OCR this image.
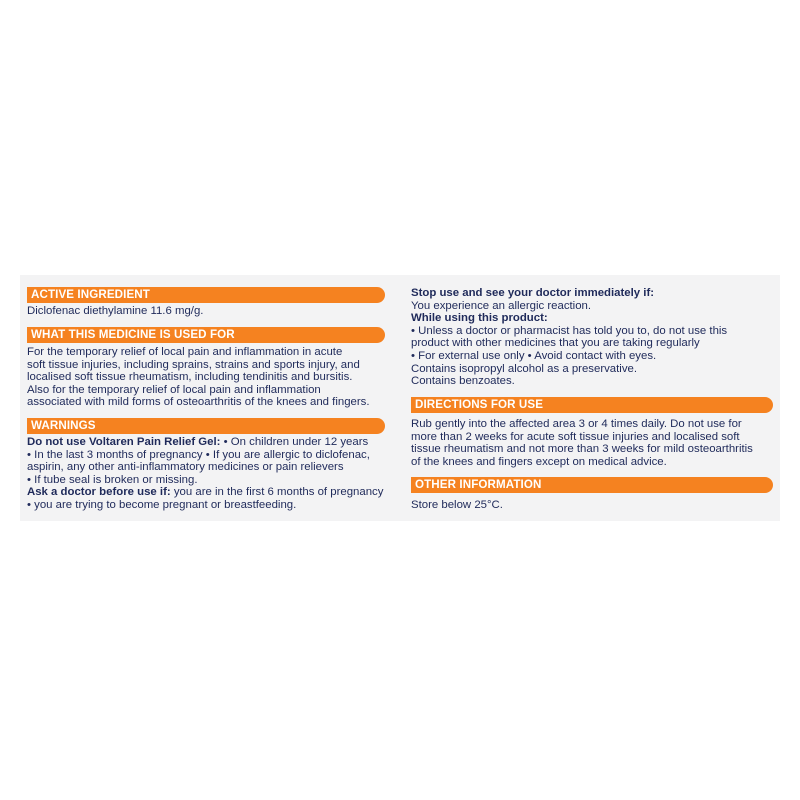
ACTIVE INGREDIENT
Diclofenac diethylamine 11.6 mg/g.
WHAT THIS MEDICINE IS USED FOR
For the temporary relief of local pain and inflammation in acute
soft tissue injuries, including sprains, strains and sports injury, and
localised soft tissue rheumatism, including tendinitis and bursitis.
Also for the temporary relief of local pain and inflammation
associated with mild forms of osteoarthritis of the knees and fingers.
WARNINGS
Do not use Voltaren Pain Relief Gel: • On children under 12 years
• In the last 3 months of pregnancy • If you are allergic to diclofenac,
aspirin, any other anti-inflammatory medicines or pain relievers
• If tube seal is broken or missing.
Ask a doctor before use if: you are in the first 6 months of pregnancy
• you are trying to become pregnant or breastfeeding.
Stop use and see your doctor immediately if:
You experience an allergic reaction.
While using this product:
• Unless a doctor or pharmacist has told you to, do not use this
product with other medicines that you are taking regularly
• For external use only • Avoid contact with eyes.
Contains isopropyl alcohol as a preservative.
Contains benzoates.
DIRECTIONS FOR USE
Rub gently into the affected area 3 or 4 times daily. Do not use for
more than 2 weeks for acute soft tissue injuries and localised soft
tissue rheumatism and not more than 3 weeks for mild osteoarthritis
of the knees and fingers except on medical advice.
OTHER INFORMATION
Store below 25°C.
